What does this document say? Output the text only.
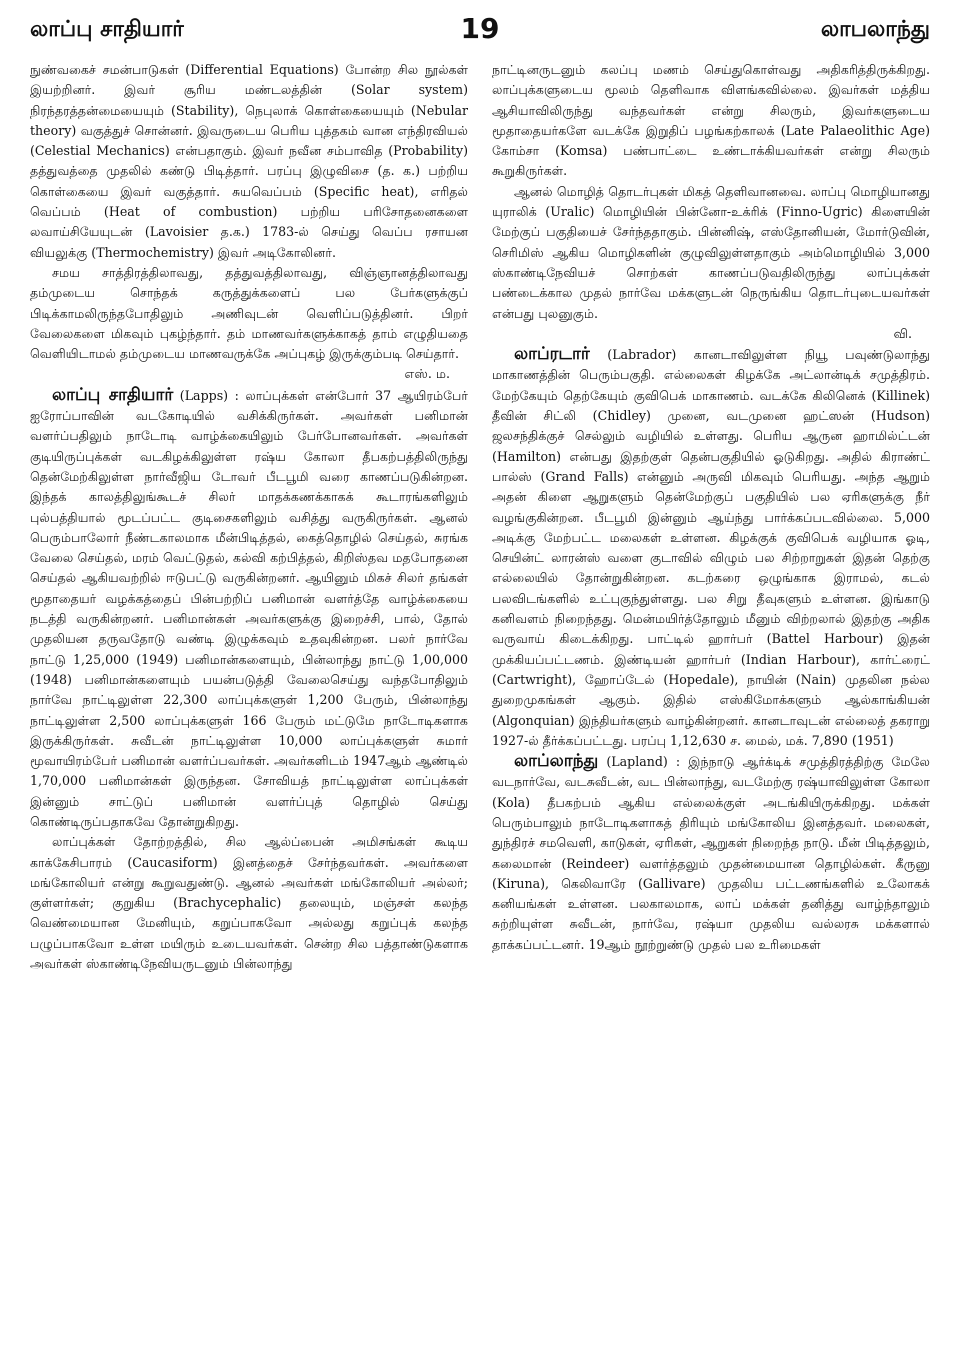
லாப்பு சாதியார்	19	லாபலாந்து

நுண்வகைச் சமன்பாடுகள் (Differential Equations) போன்ற சில நூல்கள் இயற்றினர். இவர் சூரிய மண்டலத்தின் (Solar system) நிரந்தரத்தன்மையையும் (Stability), நெபுலாக் கொள்கையையும் (Nebular theory) வகுத்துச் சொன்னர். இவருடைய பெரிய புத்தகம் வான எந்திரவியல் (Celestial Mechanics) என்பதாகும். இவர் நவீன சம்பாவித (Probability) தத்துவத்தை முதலில் கண்டு பிடித்தார். பரப்பு இழுவிசை (த. க.) பற்றிய கொள்கையை இவர் வகுத்தார். சுயவெப்பம் (Specific heat), எரிதல் வெப்பம் (Heat of combustion) பற்றிய பரிசோதனைகளை லவாய்சியேயுடன் (Lavoisier த.க.) 1783-ல் செய்து வெப்ப ரசாயன வியலுக்கு (Thermochemistry) இவர் அடிகோலினர்.

சமய சாத்திரத்திலாவது, தத்துவத்திலாவது, விஞ்ஞானத்திலாவது தம்முடைய சொந்தக் கருத்துக்களைப் பல பேர்களுக்குப் பிடிக்காமலிருந்தபோதிலும் அணிவுடன் வெளிப்படுத்தினர். பிறர் வேலைகளை மிகவும் புகழ்ந்தார். தம் மாணவர்களுக்காகத் தாம் எழுதியதை வெளியிடாமல் தம்முடைய மாணவருக்கே அப்புகழ் இருக்கும்படி செய்தார்.
எஸ். ம.

லாப்பு சாதியார் (Lapps) : லாப்புக்கள் என்போர் 37 ஆயிரம்பேர் ஐரோப்பாவின் வடகோடியில் வசிக்கிருர்கள். அவர்கள் பனிமான் வளர்ப்பதிலும் நாடோடி வாழ்க்கையிலும் பேர்போனவர்கள். அவர்கள் குடியிருப்புக்கள் வடகிழக்கிலுள்ள ரஷ்ய கோலா தீபகற்பத்திலிருந்து தென்மேற்கிலுள்ள நார்வீஜிய டோவர் பீடபூமி வரை காணப்படுகின்றன. இந்தக் காலத்திலுங்கூடச் சிலர் மாதக்கணக்காகக் கூடாரங்களிலும் புல்பத்தியால் மூடப்பட்ட குடிசைகளிலும் வசித்து வருகிருர்கள். ஆனல் பெரும்பாலோர் நீண்டகாலமாக மீன்பிடித்தல், கைத்தொழில் செய்தல், சுரங்க வேலை செய்தல், மரம் வெட்டுதல், கல்வி கற்பித்தல், கிறிஸ்தவ மதபோதனை செய்தல் ஆகியவற்றில் ஈடுபட்டு வருகின்றனர். ஆயினும் மிகச் சிலர் தங்கள் மூதாதையர் வழக்கத்தைப் பின்பற்றிப் பனிமான் வளர்த்தே வாழ்க்கையை நடத்தி வருகின்றனர். பனிமான்கள் அவர்களுக்கு இறைச்சி, பால், தோல் முதலியன தருவதோடு வண்டி இழுக்கவும் உதவுகின்றன. பலர் நார்வே நாட்டு 1,25,000 (1949) பனிமான்களையும், பின்லாந்து நாட்டு 1,00,000 (1948) பனிமான்களையும் பயன்படுத்தி வேலைசெய்து வந்தபோதிலும் நார்வே நாட்டிலுள்ள 22,300 லாப்புக்களுள் 1,200 பேரும், பின்லாந்து நாட்டிலுள்ள 2,500 லாப்புக்களுள் 166 பேரும் மட்டுமே நாடோடிகளாக இருக்கிருர்கள். சுவீடன் நாட்டிலுள்ள 10,000 லாப்புக்களுள் சுமார் மூவாயிரம்பேர் பனிமான் வளர்ப்பவர்கள். அவர்களிடம் 1947ஆம் ஆண்டில் 1,70,000 பனிமான்கள் இருந்தன. சோவியத் நாட்டிலுள்ள லாப்புக்கள் இன்னும் சாட்டுப் பனிமான் வளர்ப்புத் தொழில் செய்து கொண்டிருப்பதாகவே தோன்றுகிறது.

லாப்புக்கள் தோற்றத்தில், சில ஆல்ப்பைன் அமிசங்கள் கூடிய காக்கேசிபாரம் (Caucasiform) இனத்தைச் சேர்ந்தவர்கள். அவர்களை மங்கோலியர் என்று கூறுவதுண்டு. ஆனல் அவர்கள் மங்கோலியர் அல்லர்; குள்ளர்கள்; குறுகிய (Brachycephalic) தலையும், மஞ்சள் கலந்த வெண்மையான மேனியும், கறுப்பாகவோ அல்லது கறுப்புக் கலந்த பழுப்பாகவோ உள்ள மயிரும் உடையவர்கள். சென்ற சில பத்தாண்டுகளாக அவர்கள் ஸ்காண்டிநேவியருடனும் பின்லாந்து

நாட்டினருடனும் கலப்பு மணம் செய்துகொள்வது அதிகரித்திருக்கிறது. லாப்புக்களுடைய மூலம் தெளிவாக விளங்கவில்லை. இவர்கள் மத்திய ஆசியாவிலிருந்து வந்தவர்கள் என்று சிலரும், இவர்களுடைய மூதாதையர்களே வடக்கே இறுதிப் பழங்கற்காலக் (Late Palaeolithic Age) கோம்சா (Komsa) பண்பாட்டை உண்டாக்கியவர்கள் என்று சிலரும் கூறுகிருர்கள்.

ஆனல் மொழித் தொடர்புகள் மிகத் தெளிவானவை. லாப்பு மொழியானது யுராலிக் (Uralic) மொழியின் பின்னோ-உக்ரிக் (Finno-Ugric) கிளையின் மேற்குப் பகுதியைச் சேர்ந்ததாகும். பின்னிஷ், எஸ்தோனியன், மோர்டுவின், செரிமிஸ் ஆகிய மொழிகளின் குழுவிலுள்ளதாகும் அம்மொழியில் 3,000 ஸ்காண்டிநேவியச் சொற்கள் காணப்படுவதிலிருந்து லாப்புக்கள் பண்டைக்கால முதல் நார்வே மக்களுடன் நெருங்கிய தொடர்புடையவர்கள் என்பது புலனுகும்.
வி.

லாப்ரடார் (Labrador) கானடாவிலுள்ள நியூ பவுண்டுலாந்து மாகாணத்தின் பெரும்பகுதி. எல்லைகள் கிழக்கே அட்லான்டிக் சமுத்திரம். மேற்கேயும் தெற்கேயும் குவிபெக் மாகாணம். வடக்கே கிலினெக் (Killinek) தீவின் சிட்லி (Chidley) முனை, வடமுனை ஹட்ஸன் (Hudson) ஜலசந்திக்குச் செல்லும் வழியில் உள்ளது. பெரிய ஆருன ஹாமில்ட்டன் (Hamilton) என்பது இதற்குள் தென்பகுதியில் ஓடுகிறது. அதில் கிராண்ட் பால்ஸ் (Grand Falls) என்னும் அருவி மிகவும் பெரியது. அந்த ஆறும் அதன் கிளை ஆறுகளும் தென்மேற்குப் பகுதியில் பல ஏரிகளுக்கு நீர் வழங்குகின்றன. பீடபூமி இன்னும் ஆய்ந்து பார்க்கப்படவில்லை. 5,000 அடிக்கு மேற்பட்ட மலைகள் உள்ளன. கிழக்குக் குவிபெக் வழியாக ஓடி, செயின்ட் லாரன்ஸ் வளை குடாவில் விழும் பல சிற்றாறுகள் இதன் தெற்கு எல்லையில் தோன்றுகின்றன. கடற்கரை ஒழுங்காக இராமல், கடல் பலவிடங்களில் உட்புகுந்துள்ளது. பல சிறு தீவுகளும் உள்ளன. இங்காடு கனிவளம் நிறைந்தது. மென்மயிர்த்தோலும் மீனும் விற்றலால் இதற்கு அதிக வருவாய் கிடைக்கிறது. பாட்டில் ஹார்பர் (Battel Harbour) இதன் முக்கியப்பட்டணம். இண்டியன் ஹார்பர் (Indian Harbour), கார்ட்ரைட் (Cartwright), ஹோப்டேல் (Hopedale), நாயின் (Nain) முதலின நல்ல துறைமுகங்கள் ஆகும். இதில் எஸ்கிமோக்களும் ஆல்காங்கியன் (Algonquian) இந்தியர்களும் வாழ்கின்றனர். கானடாவுடன் எல்லைத் தகராறு 1927-ல் தீர்க்கப்பட்டது. பரப்பு 1,12,630 ச. மைல், மக். 7,890 (1951)

லாப்லாந்து (Lapland) : இந்நாடு ஆர்க்டிக் சமுத்திரத்திற்கு மேலே வடநார்வே, வடசுவீடன், வட பின்லாந்து, வடமேற்கு ரஷ்யாவிலுள்ள கோலா (Kola) தீபகற்பம் ஆகிய எல்லைக்குள் அடங்கியிருக்கிறது. மக்கள் பெரும்பாலும் நாடோடிகளாகத் திரியும் மங்கோலிய இனத்தவர். மலைகள், துந்திரச் சமவெளி, காடுகள், ஏரிகள், ஆறுகள் நிறைந்த நாடு. மீன் பிடித்தலும், கலைமான் (Reindeer) வளர்த்தலும் முதன்மையான தொழில்கள். கீருனு (Kiruna), கெலிவாரே (Gallivare) முதலிய பட்டணங்களில் உலோகக் கனியங்கள் உள்ளன. பலகாலமாக, லாப் மக்கள் தனித்து வாழ்ந்தாலும் சுற்றியுள்ள சுவீடன், நார்வே, ரஷ்யா முதலிய வல்லரசு மக்களால் தாக்கப்பட்டனர். 19ஆம் நூற்றுண்டு முதல் பல உரிமைகள்
